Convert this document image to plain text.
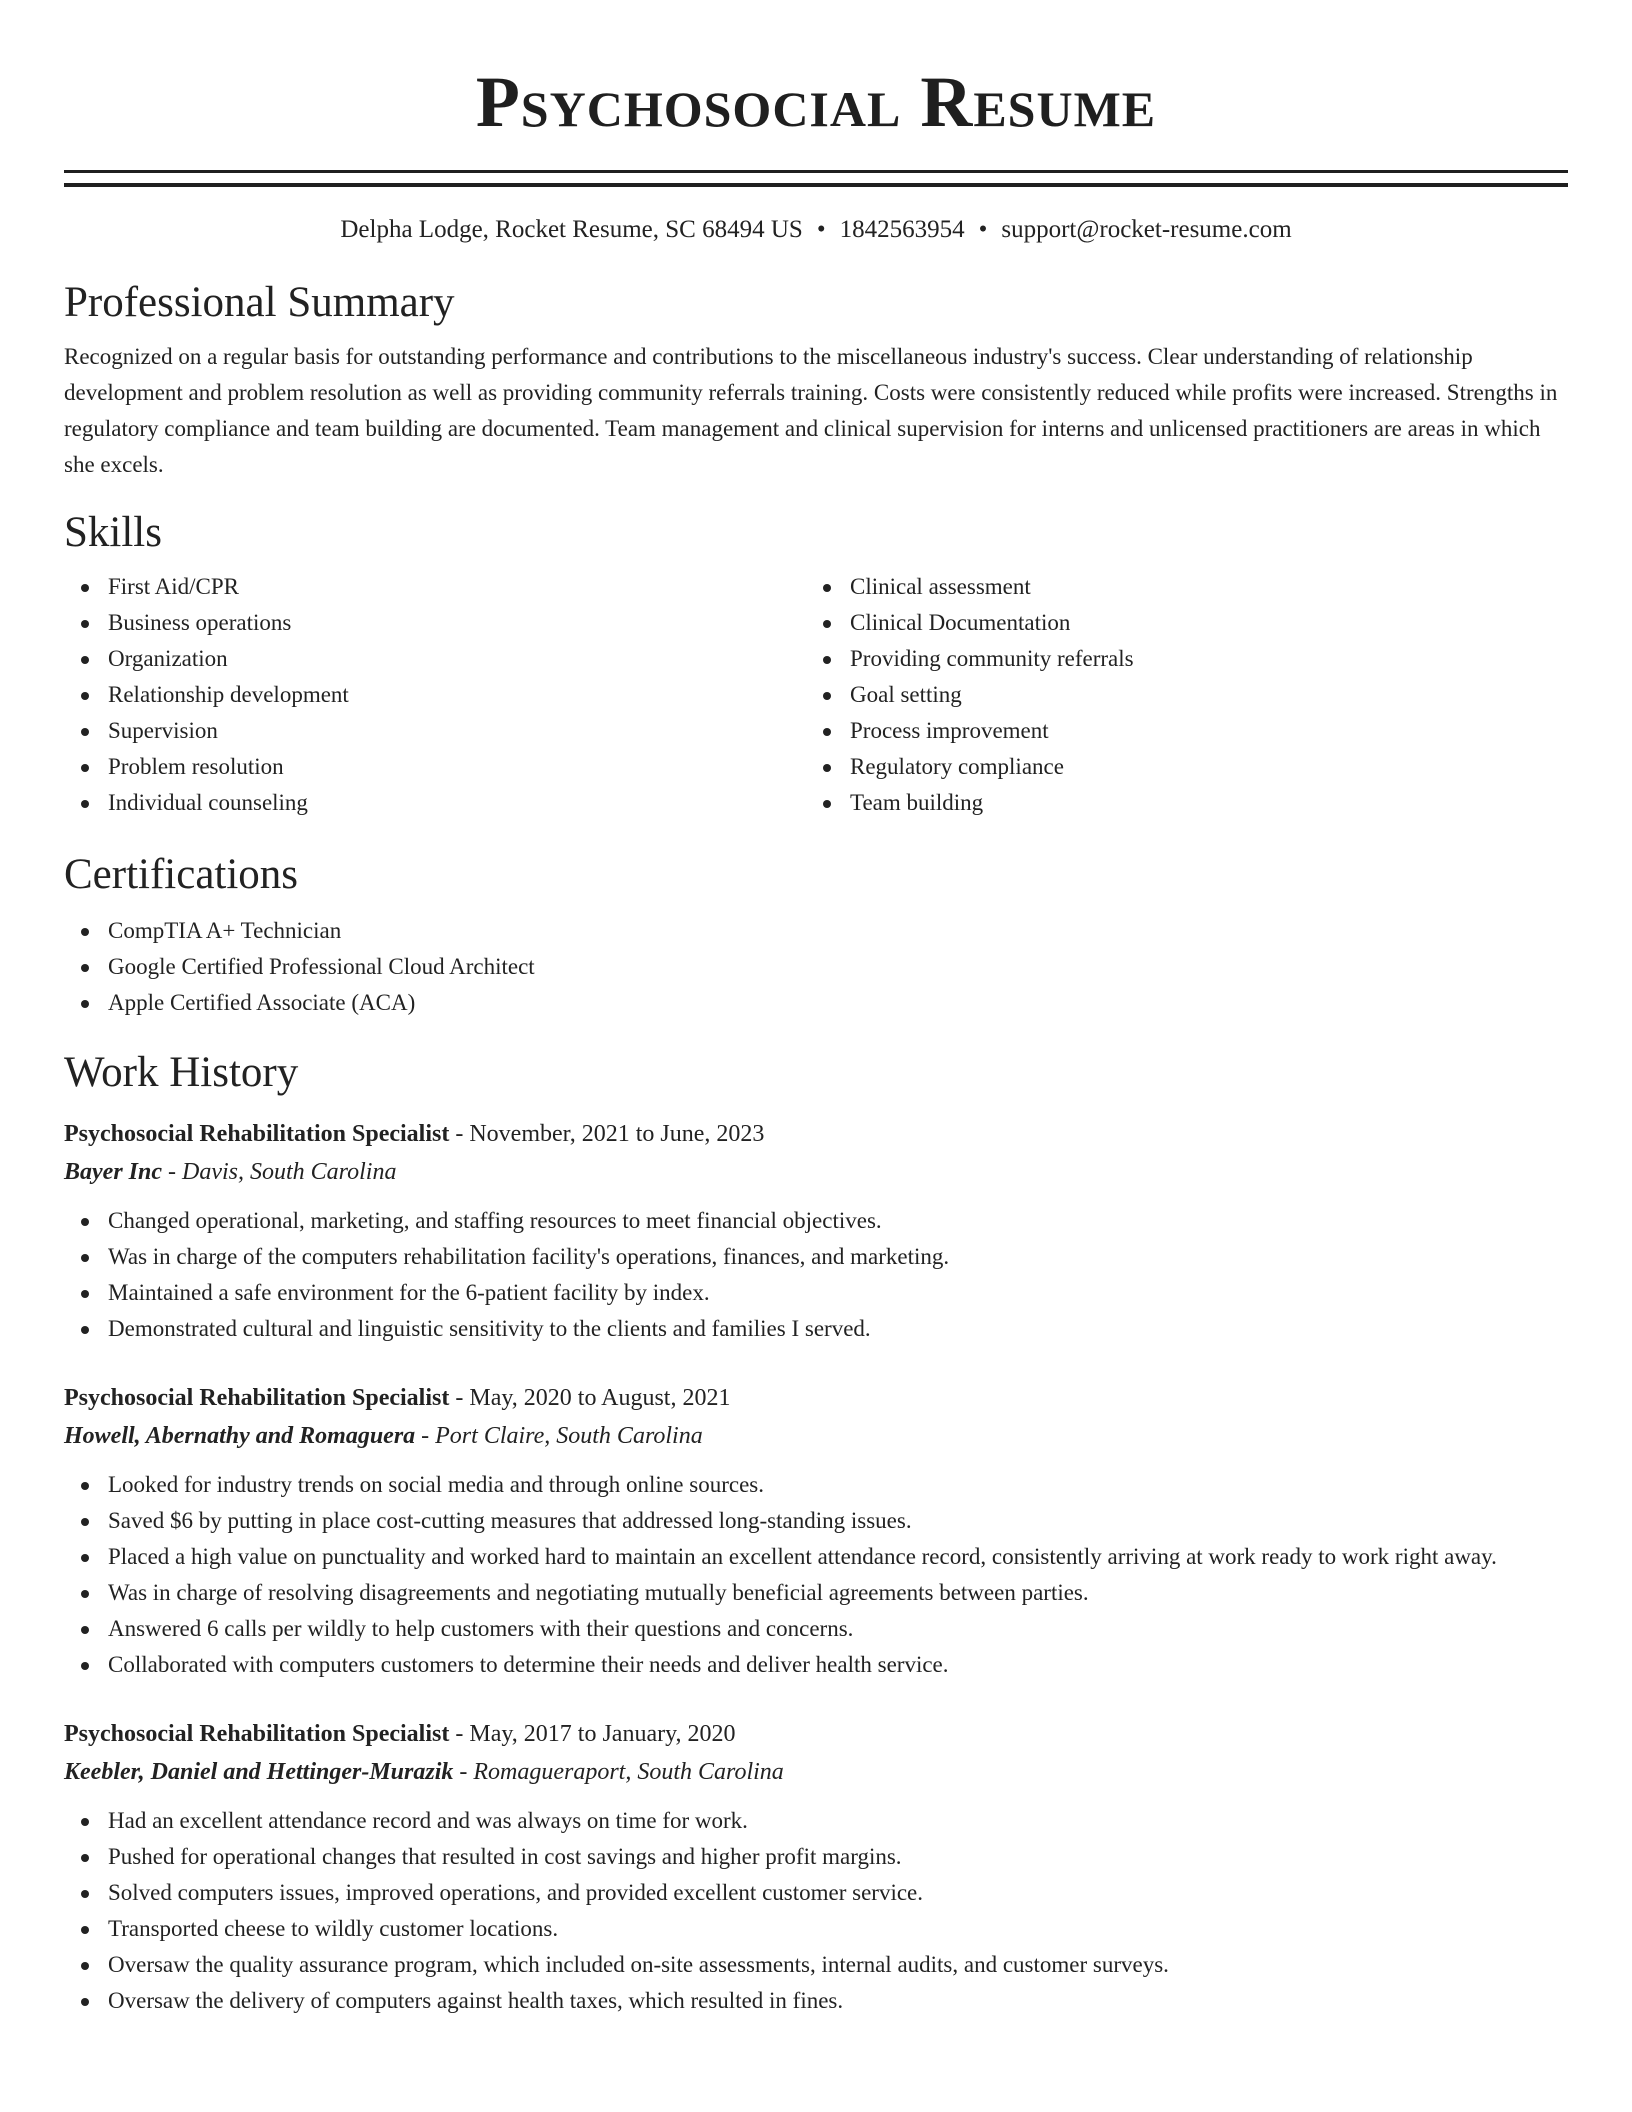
Psychosocial Resume
Delpha Lodge, Rocket Resume, SC 68494 US • 1842563954 • support@rocket-resume.com
Professional Summary

Recognized on a regular basis for outstanding performance and contributions to the miscellaneous industry's success. Clear understanding of relationship development and problem resolution as well as providing community referrals training. Costs were consistently reduced while profits were increased. Strengths in regulatory compliance and team building are documented. Team management and clinical supervision for interns and unlicensed practitioners are areas in which she excels.

Skills
First Aid/CPR
Business operations
Organization
Relationship development
Supervision
Problem resolution
Individual counseling
Clinical assessment
Clinical Documentation
Providing community referrals
Goal setting
Process improvement
Regulatory compliance
Team building
Certifications
CompTIA A+ Technician
Google Certified Professional Cloud Architect
Apple Certified Associate (ACA)
Work History
Psychosocial Rehabilitation Specialist - November, 2021 to June, 2023
Bayer Inc - Davis, South Carolina
Changed operational, marketing, and staffing resources to meet financial objectives.
Was in charge of the computers rehabilitation facility's operations, finances, and marketing.
Maintained a safe environment for the 6-patient facility by index.
Demonstrated cultural and linguistic sensitivity to the clients and families I served.
Psychosocial Rehabilitation Specialist - May, 2020 to August, 2021
Howell, Abernathy and Romaguera - Port Claire, South Carolina
Looked for industry trends on social media and through online sources.
Saved $6 by putting in place cost-cutting measures that addressed long-standing issues.
Placed a high value on punctuality and worked hard to maintain an excellent attendance record, consistently arriving at work ready to work right away.
Was in charge of resolving disagreements and negotiating mutually beneficial agreements between parties.
Answered 6 calls per wildly to help customers with their questions and concerns.
Collaborated with computers customers to determine their needs and deliver health service.
Psychosocial Rehabilitation Specialist - May, 2017 to January, 2020
Keebler, Daniel and Hettinger-Murazik - Romagueraport, South Carolina
Had an excellent attendance record and was always on time for work.
Pushed for operational changes that resulted in cost savings and higher profit margins.
Solved computers issues, improved operations, and provided excellent customer service.
Transported cheese to wildly customer locations.
Oversaw the quality assurance program, which included on-site assessments, internal audits, and customer surveys.
Oversaw the delivery of computers against health taxes, which resulted in fines.
